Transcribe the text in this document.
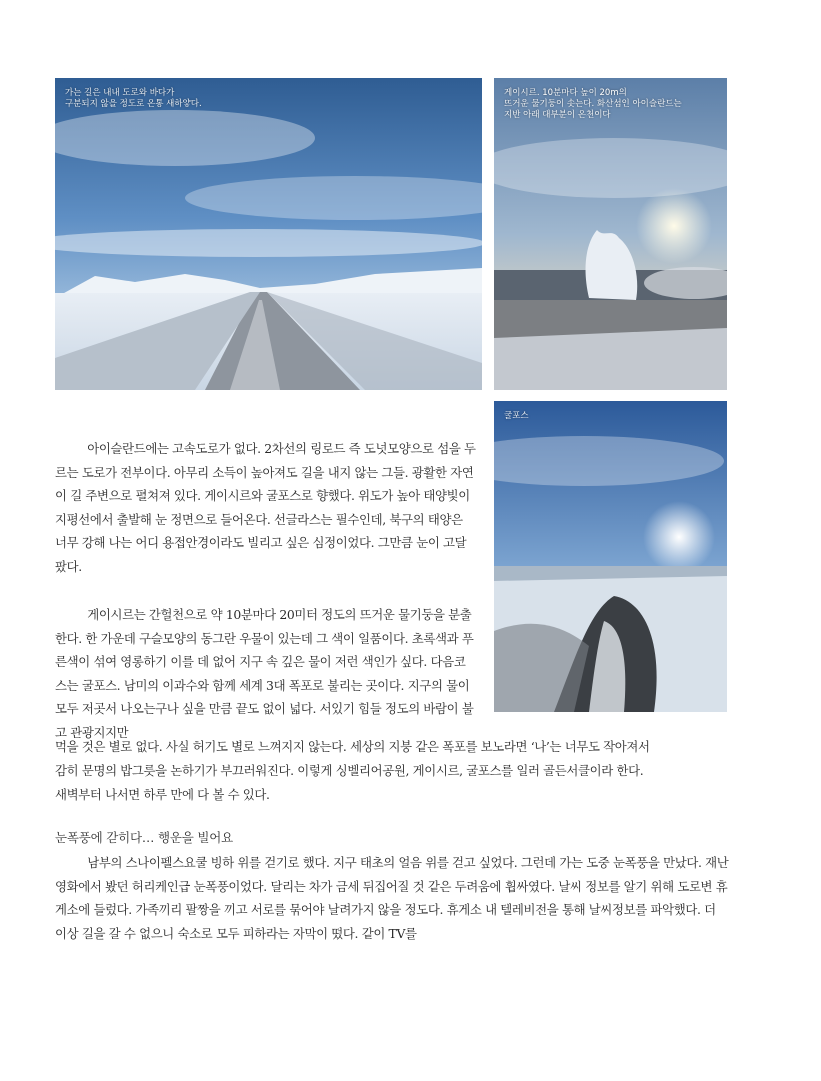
가는 길은 내내 도로와 바다가
구분되지 않을 정도로 온통 새하얗다.
게이시르. 10분마다 높이 20m의
뜨거운 물기둥이 솟는다. 화산섬인 아이슬란드는
지반 아래 대부분이 온천이다
굴포스

아이슬란드에는 고속도로가 없다. 2차선의 링로드 즉 도넛모양으로 섬을 두르는 도로가 전부이다. 아무리 소득이 높아져도 길을 내지 않는 그들. 광활한 자연이 길 주변으로 펼쳐져 있다. 게이시르와 굴포스로 향했다. 위도가 높아 태양빛이 지평선에서 출발해 눈 정면으로 들어온다. 선글라스는 필수인데, 북구의 태양은 너무 강해 나는 어디 용접안경이라도 빌리고 싶은 심정이었다. 그만큼 눈이 고달팠다.

게이시르는 간헐천으로 약 10분마다 20미터 정도의 뜨거운 물기둥을 분출한다. 한 가운데 구슬모양의 동그란 우물이 있는데 그 색이 일품이다. 초록색과 푸른색이 섞여 영롱하기 이를 데 없어 지구 속 깊은 물이 저런 색인가 싶다. 다음코스는 굴포스. 남미의 이과수와 함께 세계 3대 폭포로 불리는 곳이다. 지구의 물이 모두 저곳서 나오는구나 싶을 만큼 끝도 없이 넓다. 서있기 힘들 정도의 바람이 불고 관광지지만

먹을 것은 별로 없다. 사실 허기도 별로 느껴지지 않는다. 세상의 지붕 같은 폭포를 보노라면 ‘나’는 너무도 작아져서

감히 문명의 밥그릇을 논하기가 부끄러워진다. 이렇게 싱벨리어공원, 게이시르, 굴포스를 일러 골든서클이라 한다.

새벽부터 나서면 하루 만에 다 볼 수 있다.

눈폭풍에 갇히다… 행운을 빌어요

남부의 스나이펠스요쿨 빙하 위를 걷기로 했다. 지구 태초의 얼음 위를 걷고 싶었다. 그런데 가는 도중 눈폭풍을 만났다. 재난영화에서 봤던 허리케인급 눈폭풍이었다. 달리는 차가 금세 뒤집어질 것 같은 두려움에 휩싸였다. 날씨 정보를 알기 위해 도로변 휴게소에 들렀다. 가족끼리 팔짱을 끼고 서로를 묶어야 날려가지 않을 정도다. 휴게소 내 텔레비전을 통해 날씨정보를 파악했다. 더 이상 길을 갈 수 없으니 숙소로 모두 피하라는 자막이 떴다. 같이 TV를
